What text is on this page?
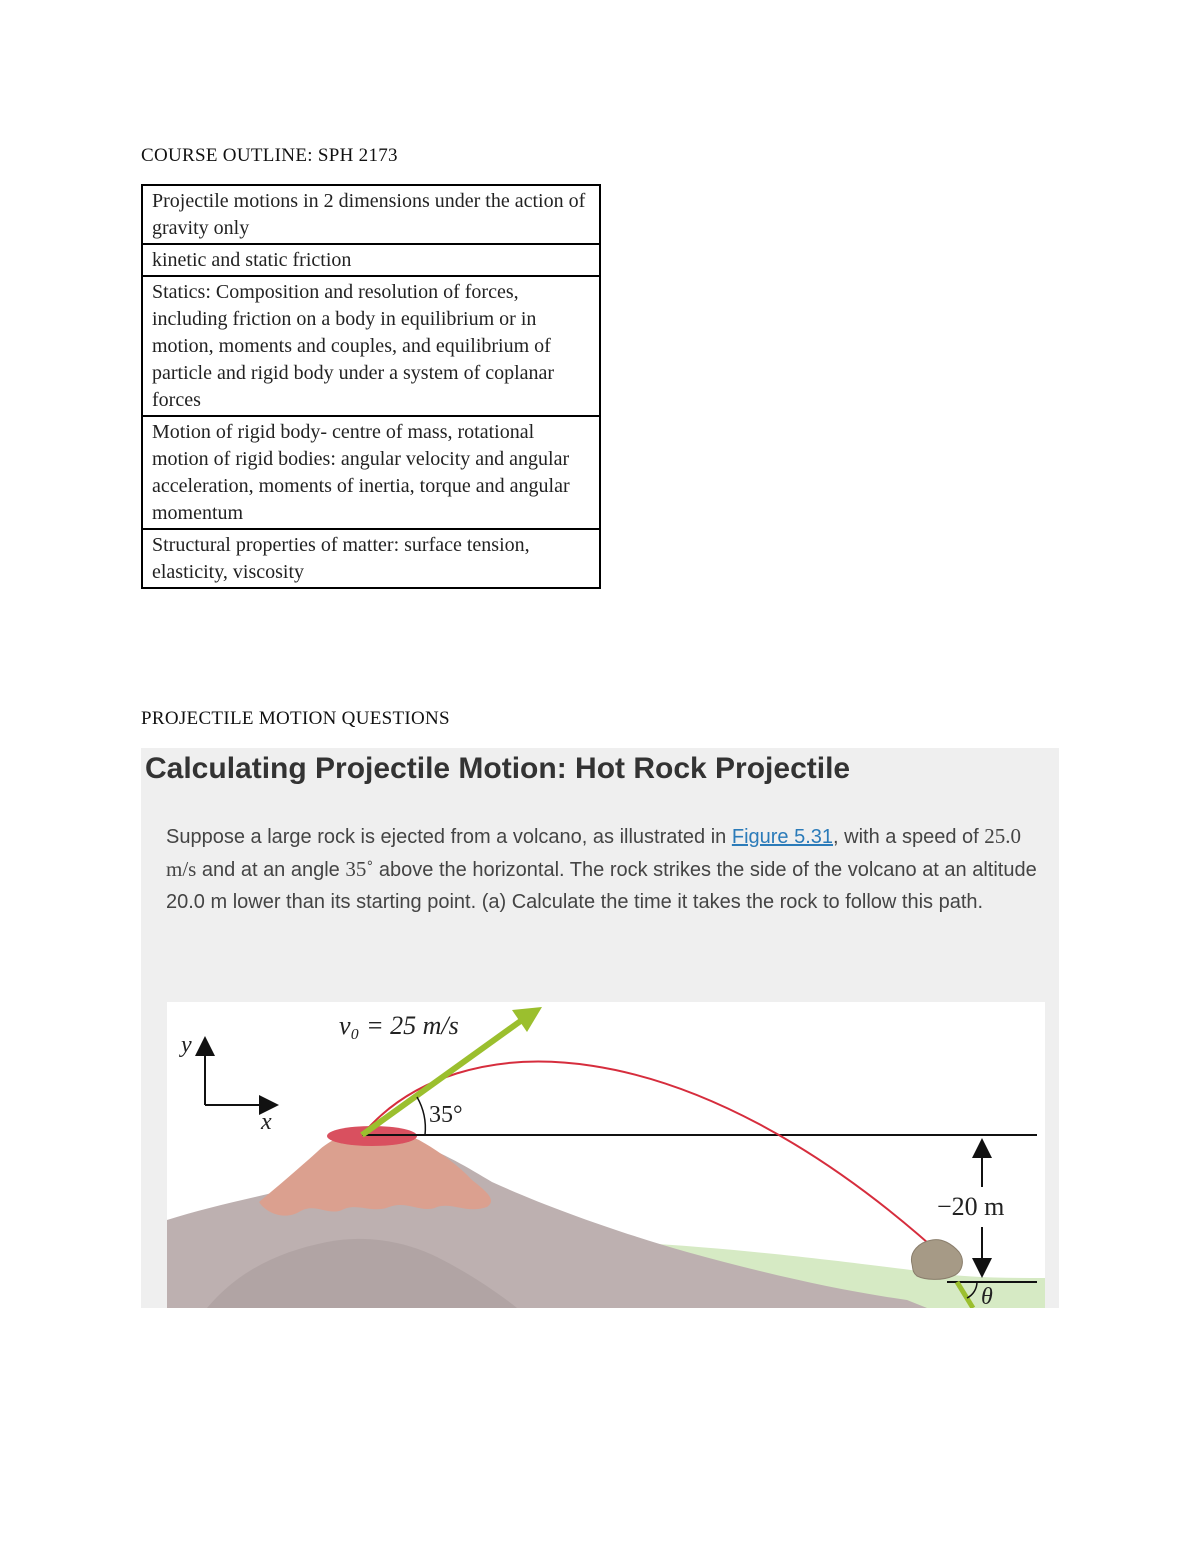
COURSE OUTLINE: SPH 2173
Projectile motions in 2 dimensions under the action of gravity only
kinetic and static friction
Statics: Composition and resolution of forces, including friction on a body in equilibrium or in motion, moments and couples, and equilibrium of particle and rigid body under a system of coplanar forces
Motion of rigid body- centre of mass, rotational motion of rigid bodies: angular velocity and angular acceleration, moments of inertia, torque and angular momentum
Structural properties of matter: surface tension, elasticity, viscosity
PROJECTILE MOTION QUESTIONS
Calculating Projectile Motion: Hot Rock Projectile

Suppose a large rock is ejected from a volcano, as illustrated in Figure 5.31, with a speed of 25.0 m/s and at an angle 35˚ above the horizontal. The rock strikes the side of the volcano at an altitude 20.0 m lower than its starting point. (a) Calculate the time it takes the rock to follow this path.

35°
v₀ = 25 m/s
y
x
−20 m
θ
